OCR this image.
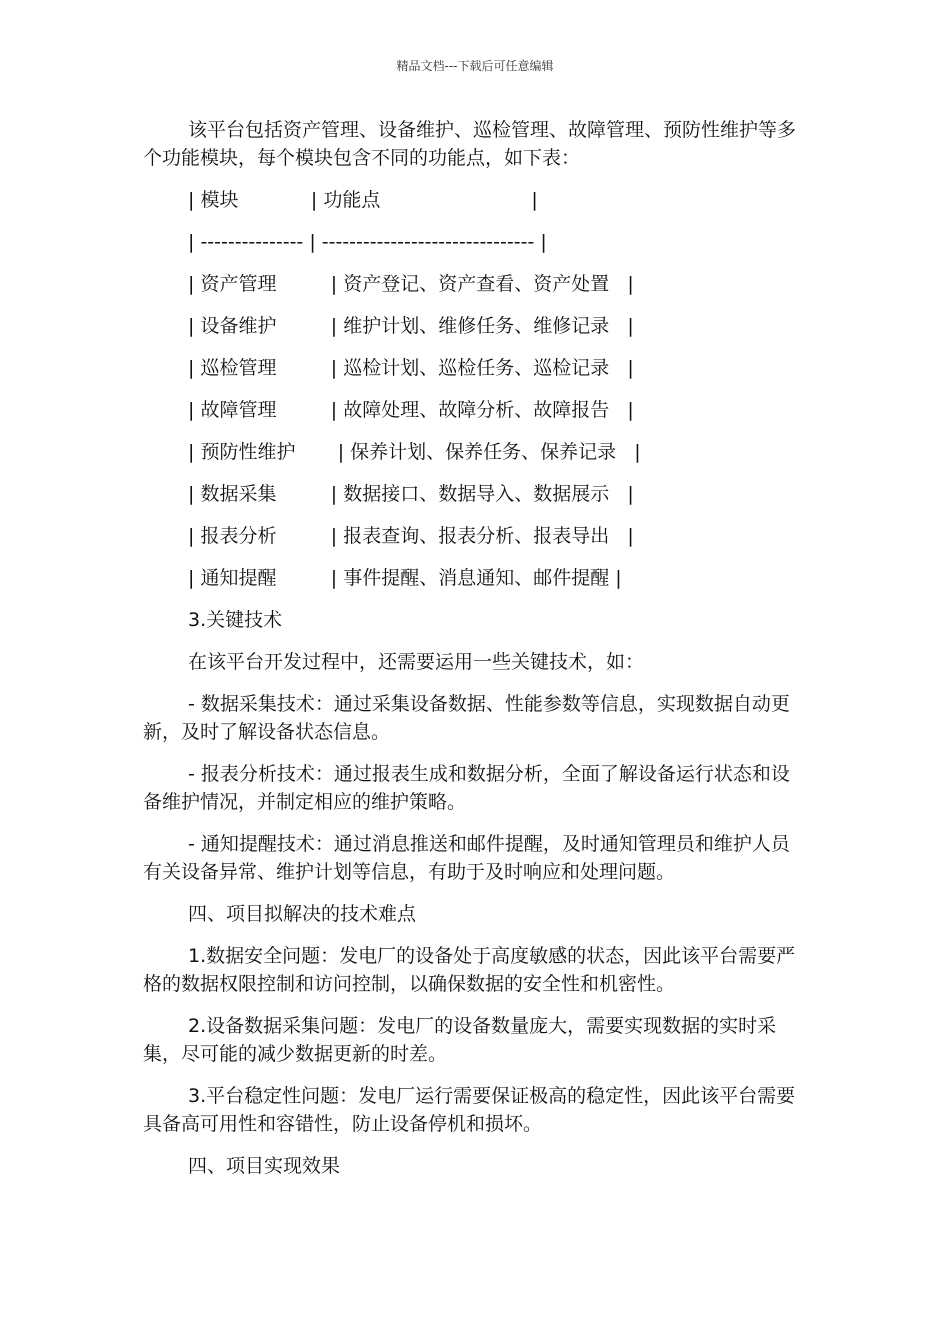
精品文档---下载后可任意编辑

该平台包括资产管理、设备维护、巡检管理、故障管理、预防性维护等多个功能模块，每个模块包含不同的功能点，如下表：

| 模块            | 功能点                         |

| --------------- | ------------------------------- |

| 资产管理         | 资产登记、资产查看、资产处置   |

| 设备维护         | 维护计划、维修任务、维修记录   |

| 巡检管理         | 巡检计划、巡检任务、巡检记录   |

| 故障管理         | 故障处理、故障分析、故障报告   |

| 预防性维护       | 保养计划、保养任务、保养记录   |

| 数据采集         | 数据接口、数据导入、数据展示   |

| 报表分析         | 报表查询、报表分析、报表导出   |

| 通知提醒         | 事件提醒、消息通知、邮件提醒 |

3.关键技术

在该平台开发过程中，还需要运用一些关键技术，如：

- 数据采集技术：通过采集设备数据、性能参数等信息，实现数据自动更新，及时了解设备状态信息。

- 报表分析技术：通过报表生成和数据分析，全面了解设备运行状态和设备维护情况，并制定相应的维护策略。

- 通知提醒技术：通过消息推送和邮件提醒，及时通知管理员和维护人员有关设备异常、维护计划等信息，有助于及时响应和处理问题。

四、项目拟解决的技术难点

1.数据安全问题：发电厂的设备处于高度敏感的状态，因此该平台需要严格的数据权限控制和访问控制，以确保数据的安全性和机密性。

2.设备数据采集问题：发电厂的设备数量庞大，需要实现数据的实时采集，尽可能的减少数据更新的时差。

3.平台稳定性问题：发电厂运行需要保证极高的稳定性，因此该平台需要具备高可用性和容错性，防止设备停机和损坏。

四、项目实现效果
